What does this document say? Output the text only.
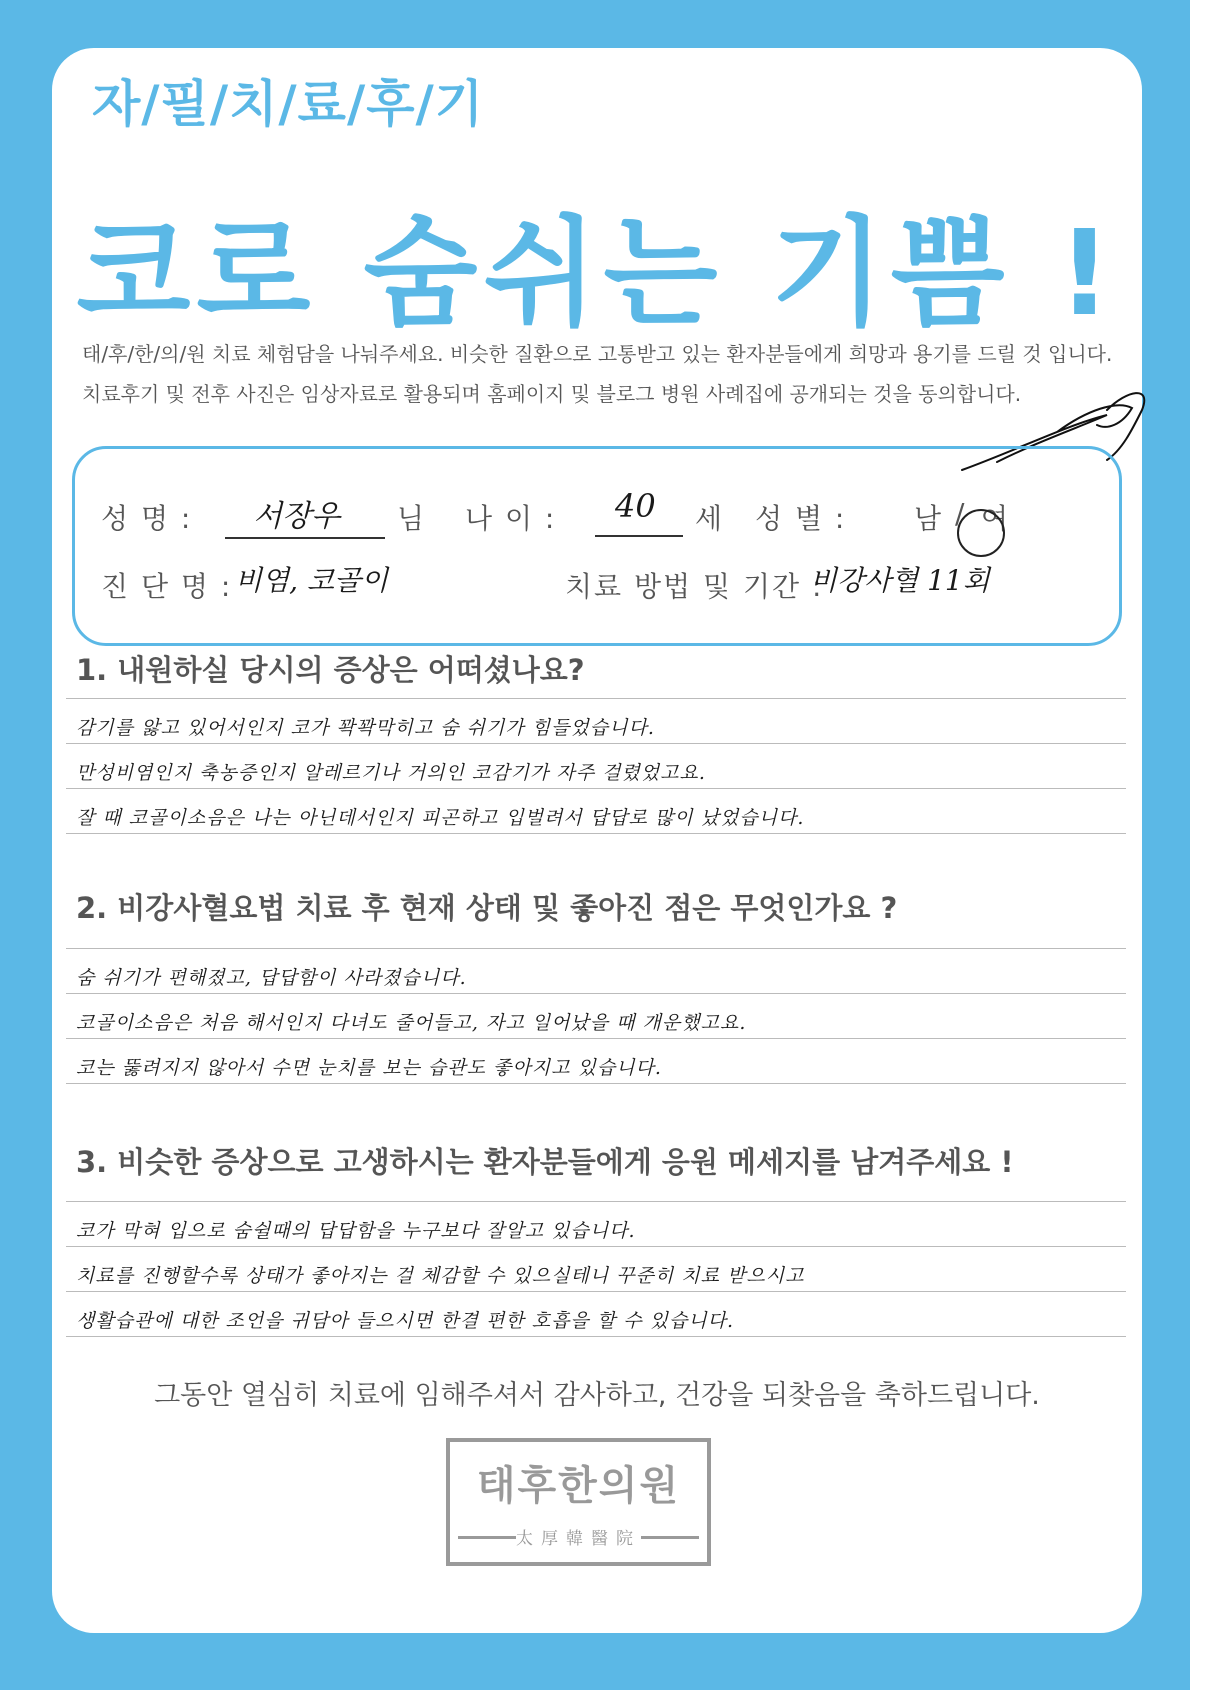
자/필/치/료/후/기
코로 숨쉬는 기쁨 !
태/후/한/의/원 치료 체험담을 나눠주세요. 비슷한 질환으로 고통받고 있는 환자분들에게 희망과 용기를 드릴 것 입니다.
치료후기 및 전후 사진은 임상자료로 활용되며 홈페이지 및 블로그 병원 사례집에 공개되는 것을 동의합니다.
성 명 : 서장우 님 나 이 : 40 세 성 별 : 남 / 여
진 단 명 : 비염, 코골이	치료 방법 및 기간 :
비강사혈 11회
1. 내원하실 당시의 증상은 어떠셨나요?
감기를 앓고 있어서인지 코가 꽉꽉막히고 숨 쉬기가 힘들었습니다.
만성비염인지 축농증인지 알레르기나 거의인 코감기가 자주 걸렸었고요.
잘 때 코골이소음은 나는 아닌데서인지 피곤하고 입벌려서 답답로 많이 났었습니다.
2. 비강사혈요법 치료 후 현재 상태 및 좋아진 점은 무엇인가요 ?
숨 쉬기가 편해졌고, 답답함이 사라졌습니다.
코골이소음은 처음 해서인지 다녀도 줄어들고, 자고 일어났을 때 개운했고요.
코는 뚫려지지 않아서 수면 눈치를 보는 습관도 좋아지고 있습니다.
3. 비슷한 증상으로 고생하시는 환자분들에게 응원 메세지를 남겨주세요 !
코가 막혀 입으로 숨쉴때의 답답함을 누구보다 잘알고 있습니다.
치료를 진행할수록 상태가 좋아지는 걸 체감할 수 있으실테니 꾸준히 치료 받으시고
생활습관에 대한 조언을 귀담아 들으시면 한결 편한 호흡을 할 수 있습니다.
그동안 열심히 치료에 임해주셔서 감사하고, 건강을 되찾음을 축하드립니다.
태후한의원
太厚韓醫院
